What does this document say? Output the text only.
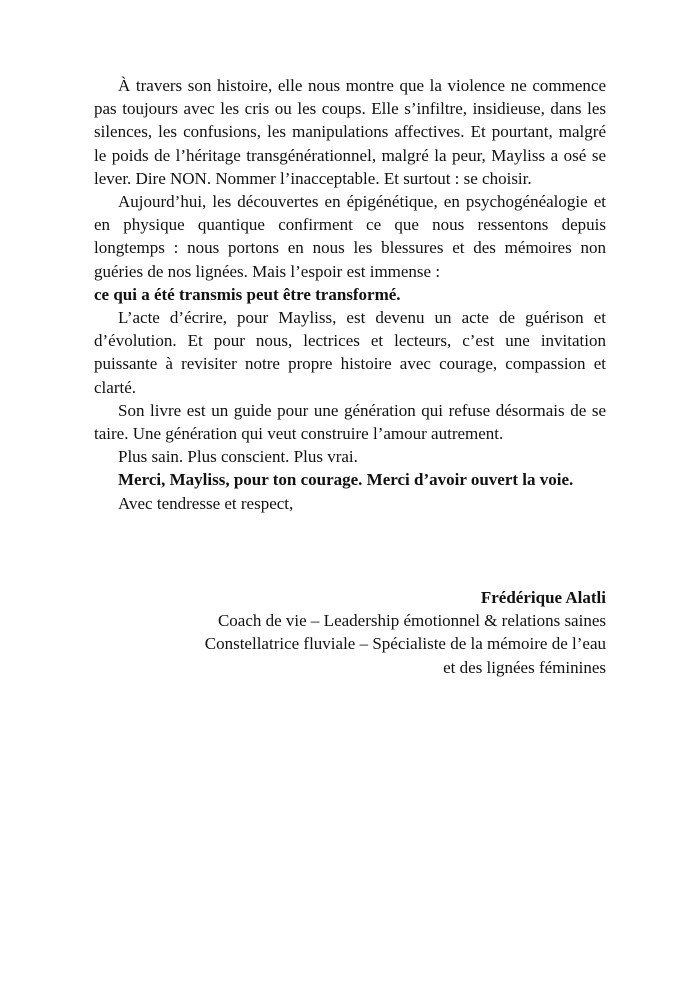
À travers son histoire, elle nous montre que la violence ne commence pas toujours avec les cris ou les coups. Elle s’infiltre, insidieuse, dans les silences, les confusions, les manipulations affectives. Et pourtant, malgré le poids de l’héritage transgénérationnel, malgré la peur, Mayliss a osé se lever. Dire NON. Nommer l’inacceptable. Et surtout : se choisir.

Aujourd’hui, les découvertes en épigénétique, en psychogénéalogie et en physique quantique confirment ce que nous ressentons depuis longtemps : nous portons en nous les blessures et des mémoires non guéries de nos lignées. Mais l’espoir est immense :
ce qui a été transmis peut être transformé.

L’acte d’écrire, pour Mayliss, est devenu un acte de guérison et d’évolution. Et pour nous, lectrices et lecteurs, c’est une invitation puissante à revisiter notre propre histoire avec courage, compassion et clarté.

Son livre est un guide pour une génération qui refuse désormais de se taire. Une génération qui veut construire l’amour autrement.

Plus sain. Plus conscient. Plus vrai.

Merci, Mayliss, pour ton courage. Merci d’avoir ouvert la voie.

Avec tendresse et respect,

Frédérique Alatli
Coach de vie – Leadership émotionnel & relations saines
Constellatrice fluviale – Spécialiste de la mémoire de l’eau
et des lignées féminines
